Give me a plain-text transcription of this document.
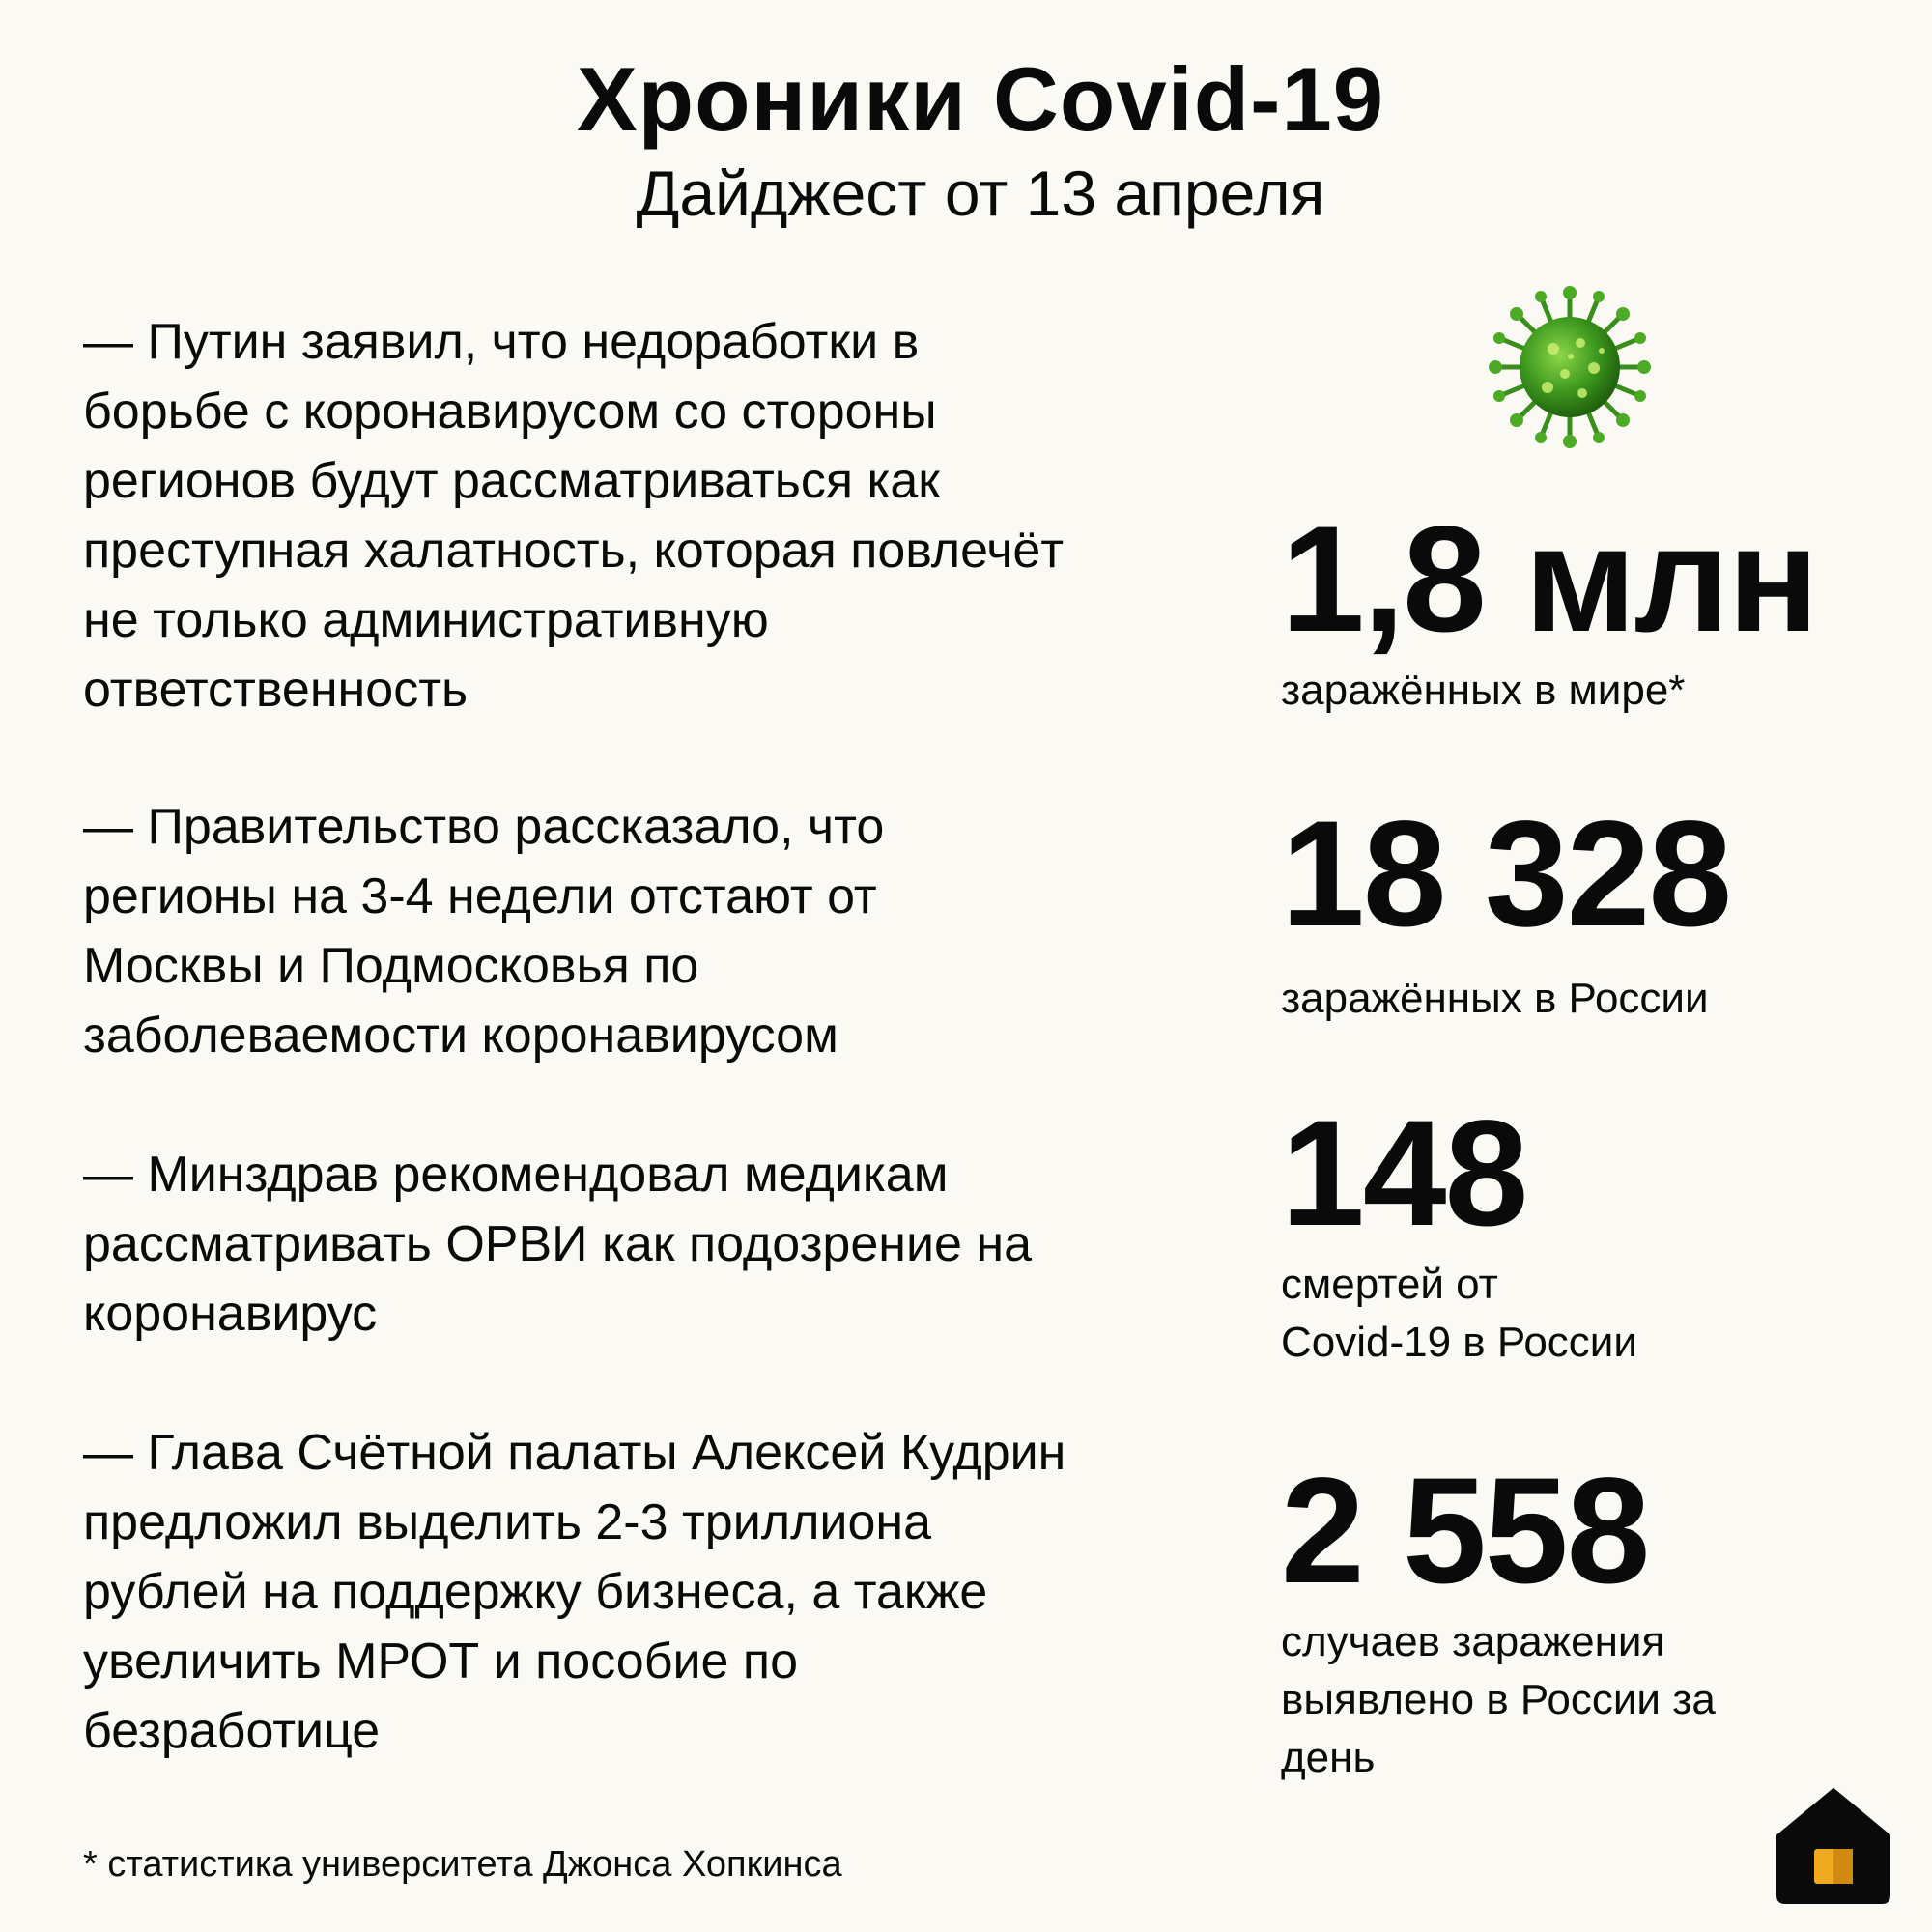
Хроники Covid-19

Дайджест от 13 апреля

— Путин заявил, что недоработки в
борьбе с коронавирусом со стороны
регионов будут рассматриваться как
преступная халатность, которая повлечёт
не только административную
ответственность

— Правительство рассказало, что
регионы на 3-4 недели отстают от
Москвы и Подмосковья по
заболеваемости коронавирусом

— Минздрав рекомендовал медикам
рассматривать ОРВИ как подозрение на
коронавирус

— Глава Счётной палаты Алексей Кудрин
предложил выделить 2-3 триллиона
рублей на поддержку бизнеса, а также
увеличить МРОТ и пособие по
безработице

1,8 млн

заражённых в мире*

18 328

заражённых в России

148

смертей от
Covid-19 в России

2 558

случаев заражения
выявлено в России за
день

* статистика университета Джонса Хопкинса
